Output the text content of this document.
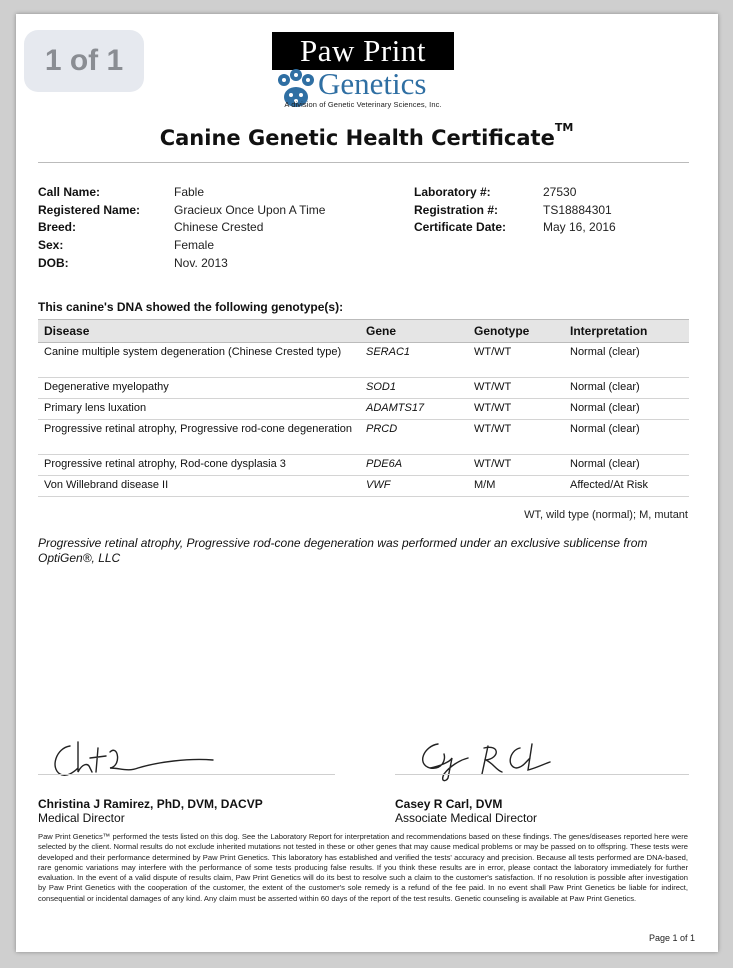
1 of 1	Paw Print
Genetics
A division of Genetic Veterinary Sciences, Inc.
Canine Genetic Health Certificate™
Call Name:	Fable
Registered Name:	Gracieux Once Upon A Time
Breed:	Chinese Crested
Sex:	Female
DOB:	Nov. 2013
Laboratory #:	27530
Registration #:	TS18884301
Certificate Date:	May 16, 2016
This canine's DNA showed the following genotype(s):
Disease	Gene	Genotype	Interpretation
Canine multiple system degeneration (Chinese Crested type)	SERAC1	WT/WT	Normal (clear)
Degenerative myelopathy	SOD1	WT/WT	Normal (clear)
Primary lens luxation	ADAMTS17	WT/WT	Normal (clear)
Progressive retinal atrophy, Progressive rod-cone degeneration	PRCD	WT/WT	Normal (clear)
Progressive retinal atrophy, Rod-cone dysplasia 3	PDE6A	WT/WT	Normal (clear)
Von Willebrand disease II	VWF	M/M	Affected/At Risk
WT, wild type (normal); M, mutant
Progressive retinal atrophy, Progressive rod-cone degeneration was performed under an exclusive sublicense from OptiGen®, LLC
Christina J Ramirez, PhD, DVM, DACVP
Medical Director
Casey R Carl, DVM
Associate Medical Director
Paw Print Genetics™ performed the tests listed on this dog. See the Laboratory Report for interpretation and recommendations based on these findings. The genes/diseases reported here were selected by the client. Normal results do not exclude inherited mutations not tested in these or other genes that may cause medical problems or may be passed on to offspring. These tests were developed and their performance determined by Paw Print Genetics. This laboratory has established and verified the tests' accuracy and precision. Because all tests performed are DNA-based, rare genomic variations may interfere with the performance of some tests producing false results. If you think these results are in error, please contact the laboratory immediately for further evaluation. In the event of a valid dispute of results claim, Paw Print Genetics will do its best to resolve such a claim to the customer's satisfaction. If no resolution is possible after investigation by Paw Print Genetics with the cooperation of the customer, the extent of the customer's sole remedy is a refund of the fee paid. In no event shall Paw Print Genetics be liable for indirect, consequential or incidental damages of any kind. Any claim must be asserted within 60 days of the report of the test results. Genetic counseling is available at Paw Print Genetics.
Page 1 of 1
